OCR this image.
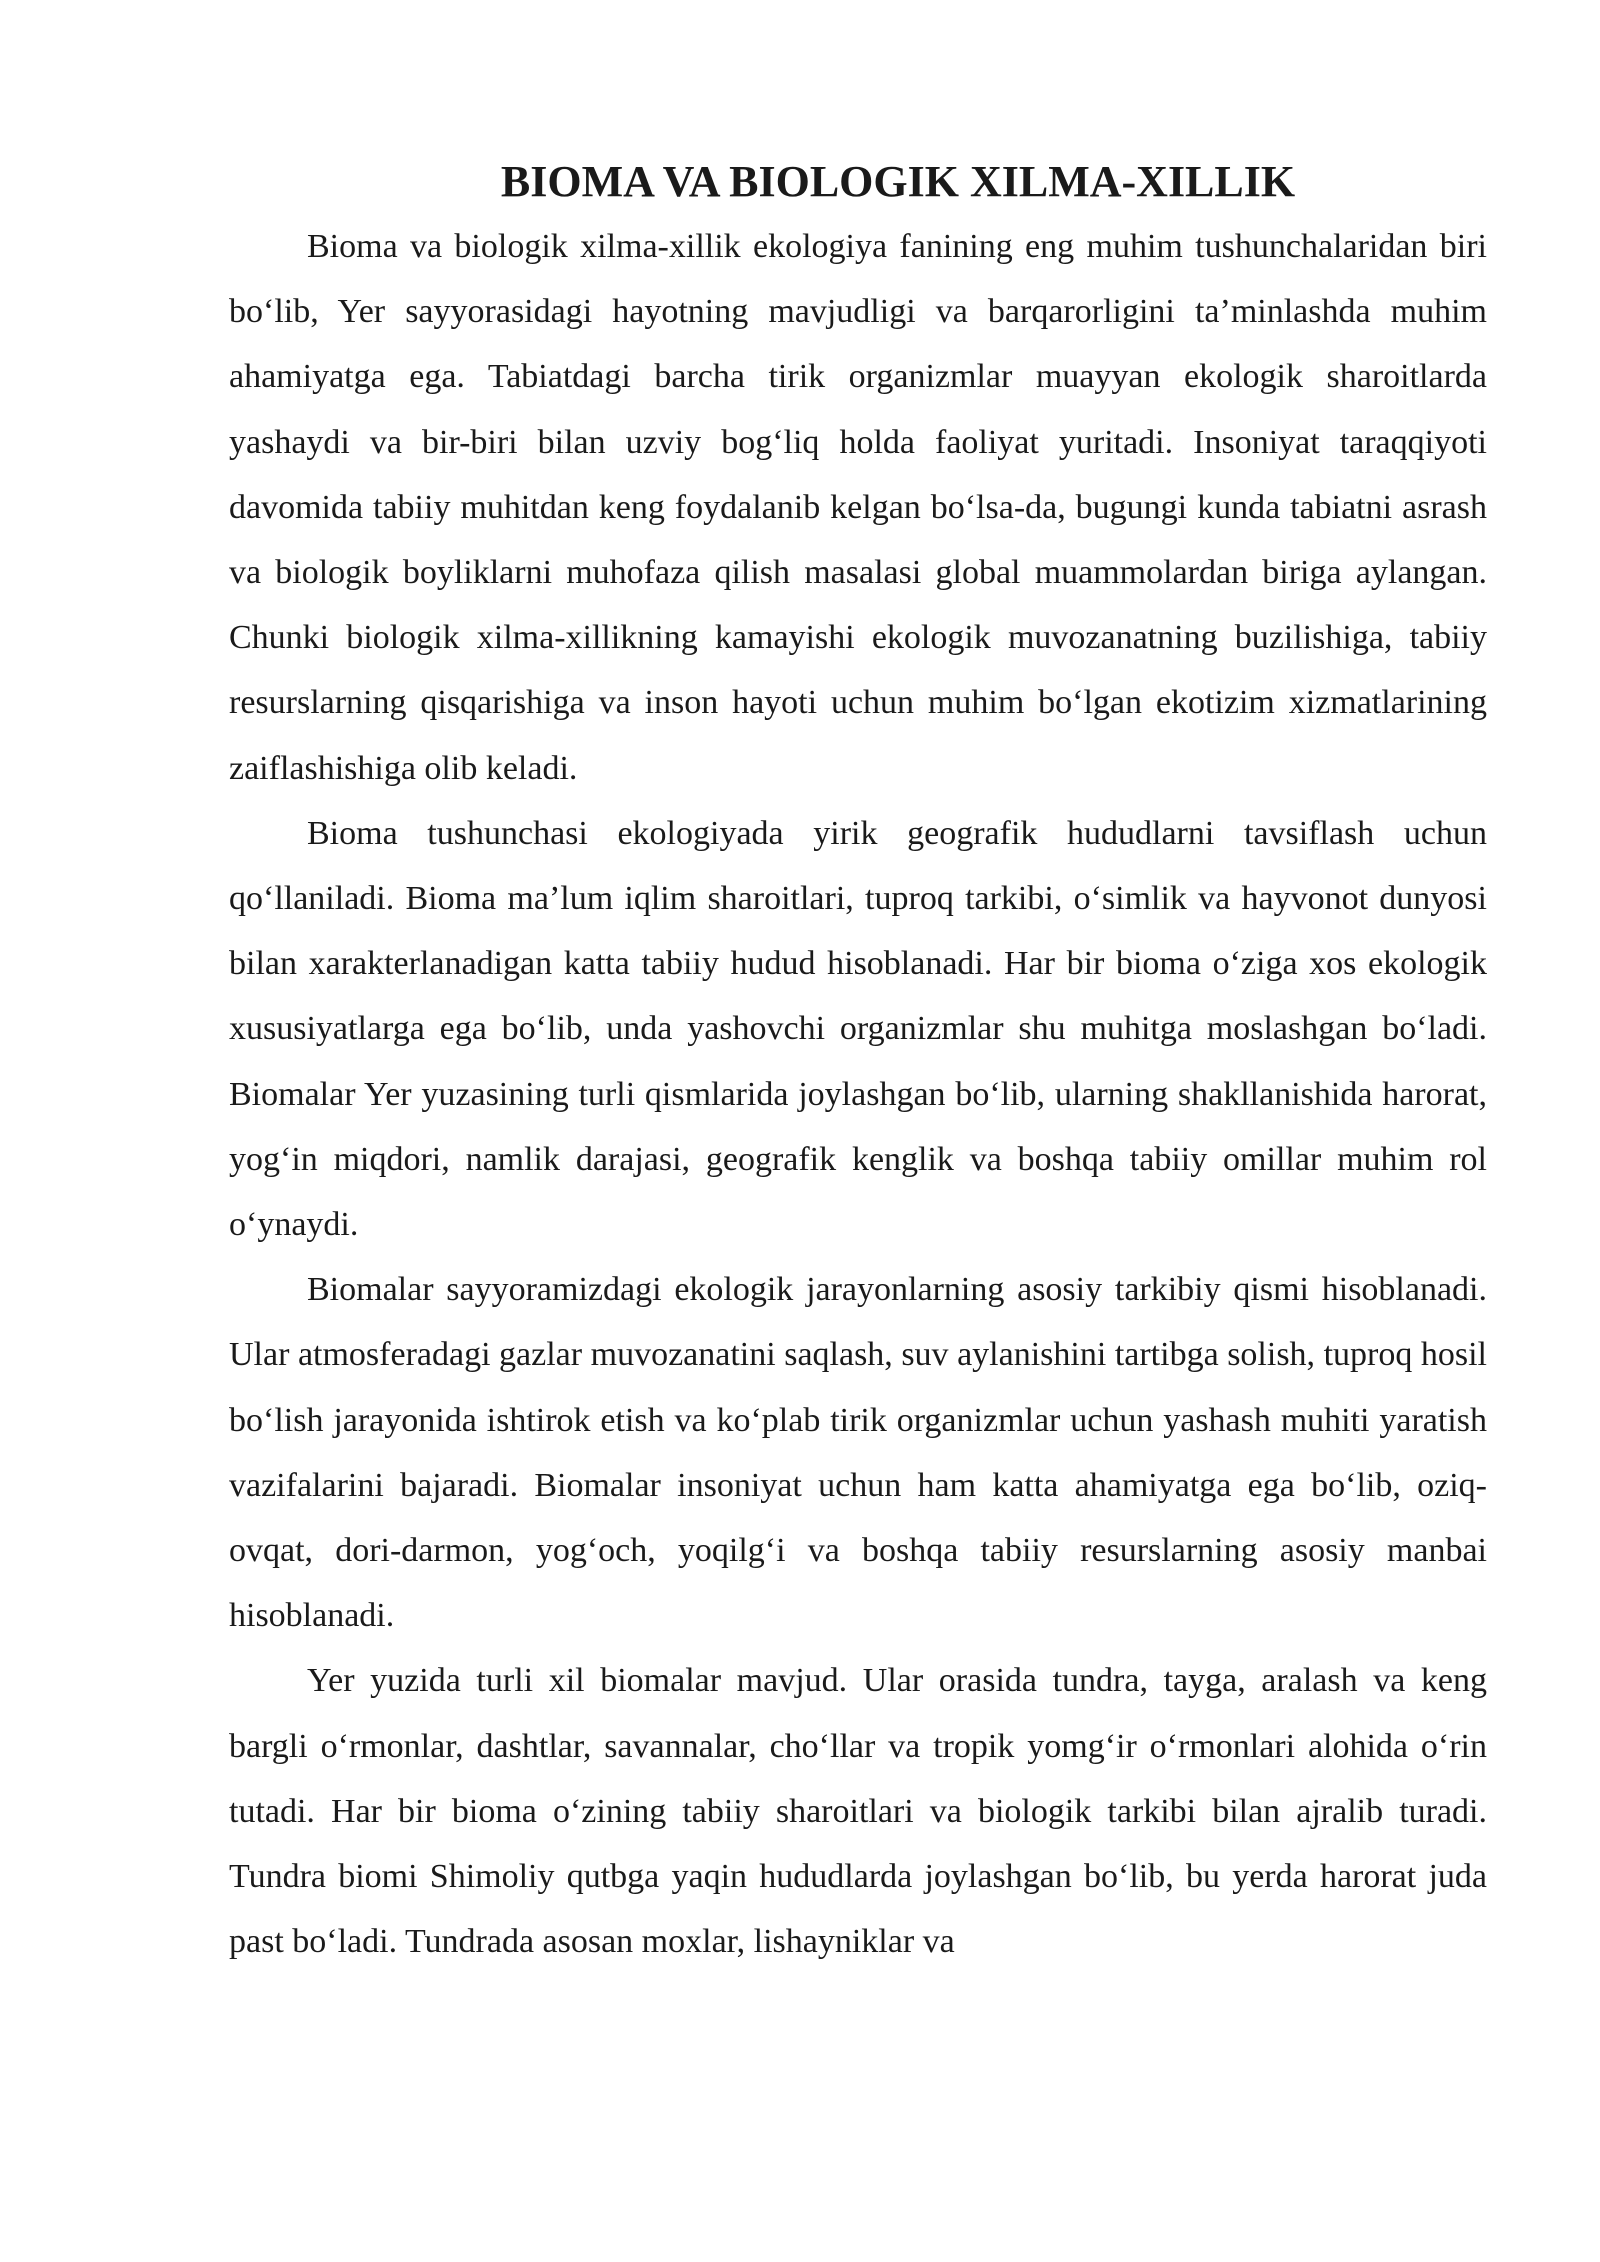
BIOMA VA BIOLOGIK XILMA-XILLIK

Bioma va biologik xilma-xillik ekologiya fanining eng muhim tushunchalaridan biri bo‘lib, Yer sayyorasidagi hayotning mavjudligi va barqarorligini ta’minlashda muhim ahamiyatga ega. Tabiatdagi barcha tirik organizmlar muayyan ekologik sharoitlarda yashaydi va bir-biri bilan uzviy bog‘liq holda faoliyat yuritadi. Insoniyat taraqqiyoti davomida tabiiy muhitdan keng foydalanib kelgan bo‘lsa-da, bugungi kunda tabiatni asrash va biologik boyliklarni muhofaza qilish masalasi global muammolardan biriga aylangan. Chunki biologik xilma-xillikning kamayishi ekologik muvozanatning buzilishiga, tabiiy resurslarning qisqarishiga va inson hayoti uchun muhim bo‘lgan ekotizim xizmatlarining zaiflashishiga olib keladi.

Bioma tushunchasi ekologiyada yirik geografik hududlarni tavsiflash uchun qo‘llaniladi. Bioma ma’lum iqlim sharoitlari, tuproq tarkibi, o‘simlik va hayvonot dunyosi bilan xarakterlanadigan katta tabiiy hudud hisoblanadi. Har bir bioma o‘ziga xos ekologik xususiyatlarga ega bo‘lib, unda yashovchi organizmlar shu muhitga moslashgan bo‘ladi. Biomalar Yer yuzasining turli qismlarida joylashgan bo‘lib, ularning shakllanishida harorat, yog‘in miqdori, namlik darajasi, geografik kenglik va boshqa tabiiy omillar muhim rol o‘ynaydi.

Biomalar sayyoramizdagi ekologik jarayonlarning asosiy tarkibiy qismi hisoblanadi. Ular atmosferadagi gazlar muvozanatini saqlash, suv aylanishini tartibga solish, tuproq hosil bo‘lish jarayonida ishtirok etish va ko‘plab tirik organizmlar uchun yashash muhiti yaratish vazifalarini bajaradi. Biomalar insoniyat uchun ham katta ahamiyatga ega bo‘lib, oziq-ovqat, dori-darmon, yog‘och, yoqilg‘i va boshqa tabiiy resurslarning asosiy manbai hisoblanadi.

Yer yuzida turli xil biomalar mavjud. Ular orasida tundra, tayga, aralash va keng bargli o‘rmonlar, dashtlar, savannalar, cho‘llar va tropik yomg‘ir o‘rmonlari alohida o‘rin tutadi. Har bir bioma o‘zining tabiiy sharoitlari va biologik tarkibi bilan ajralib turadi. Tundra biomi Shimoliy qutbga yaqin hududlarda joylashgan bo‘lib, bu yerda harorat juda past bo‘ladi. Tundrada asosan moxlar, lishayniklar va
